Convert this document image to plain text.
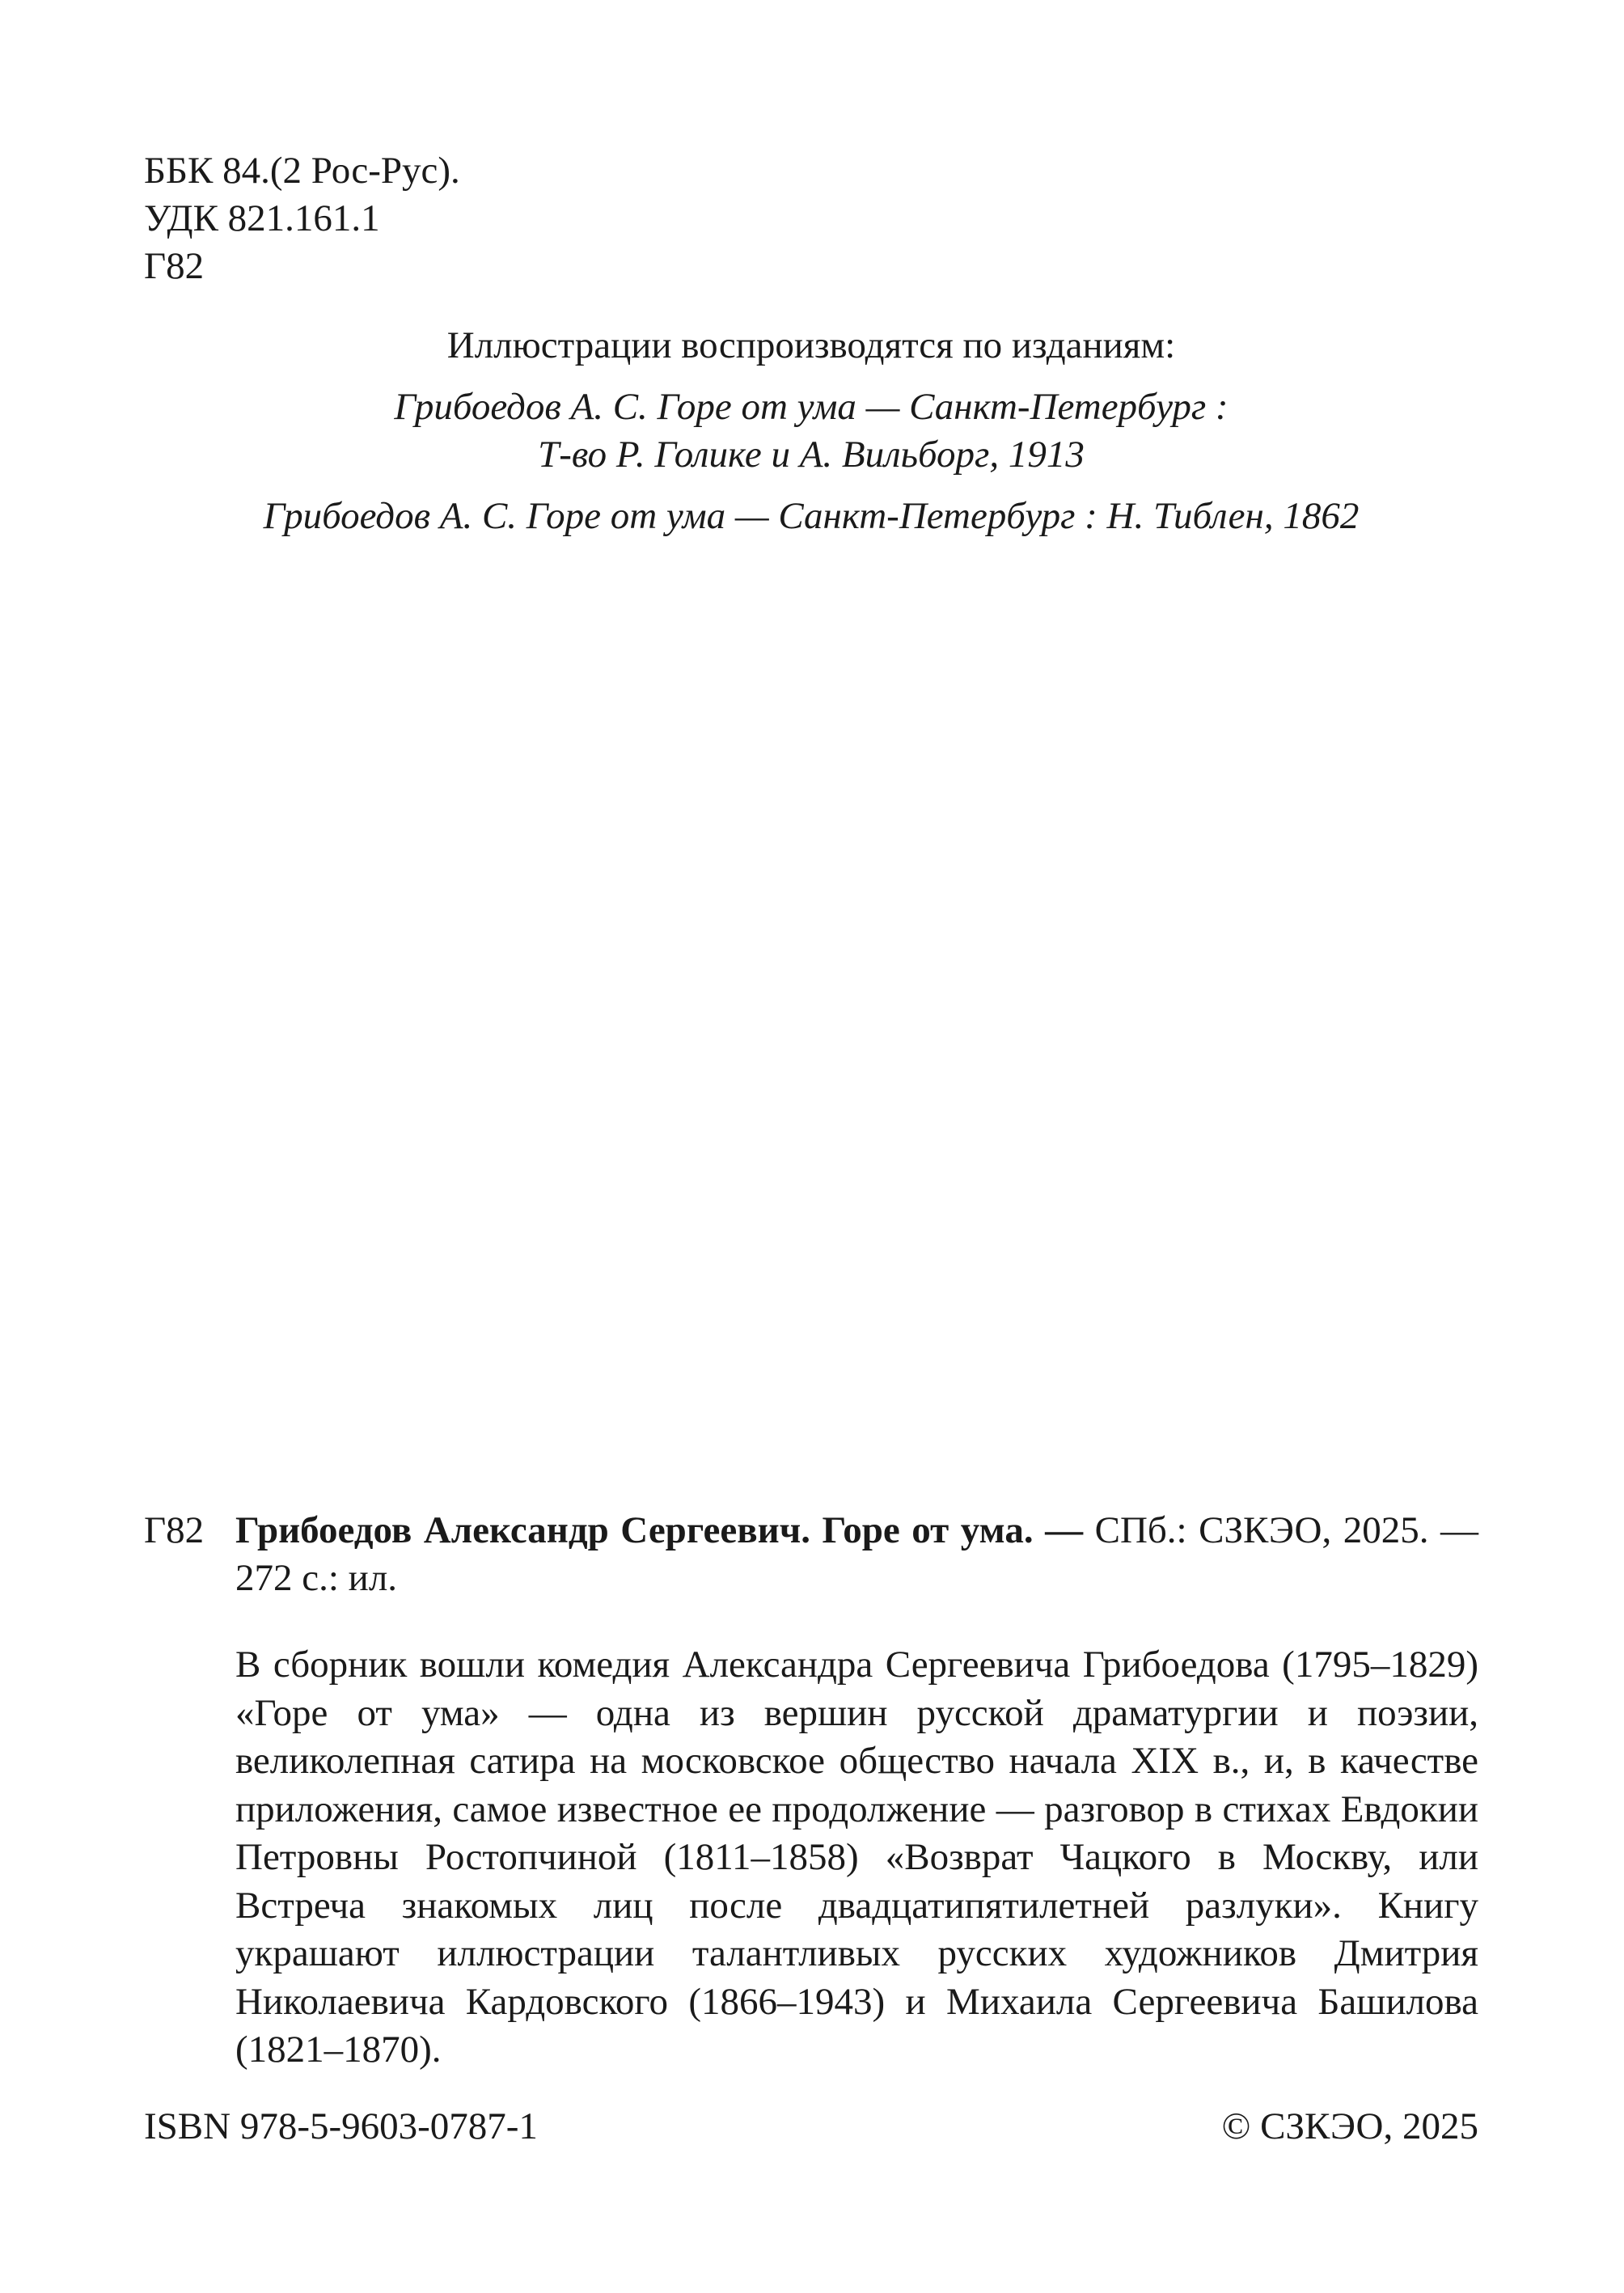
ББК 84.(2 Рос-Рус).
УДК 821.161.1
Г82
Иллюстрации воспроизводятся по изданиям:
Грибоедов А. С. Горе от ума — Санкт-Петербург :
Т-во Р. Голике и А. Вильборг, 1913
Грибоедов А. С. Горе от ума — Санкт-Петербург : Н. Тиблен, 1862
Г82 Грибоедов Александр Сергеевич. Горе от ума. — СПб.: СЗКЭО, 2025. — 272 с.: ил.
В сборник вошли комедия Александра Сергеевича Грибоедова (1795–1829) «Горе от ума» — одна из вершин русской драматургии и поэзии, великолепная сатира на московское общество начала XIX в., и, в качестве приложения, самое известное ее продолжение — разговор в стихах Евдокии Петровны Ростопчиной (1811–1858) «Возврат Чацкого в Москву, или Встреча знакомых лиц после двадцатипятилетней разлуки». Книгу украшают иллюстрации талантливых русских художников Дмитрия Николаевича Кардовского (1866–1943) и Михаила Сергеевича Башилова (1821–1870).
ISBN 978-5-9603-0787-1	© СЗКЭО, 2025
